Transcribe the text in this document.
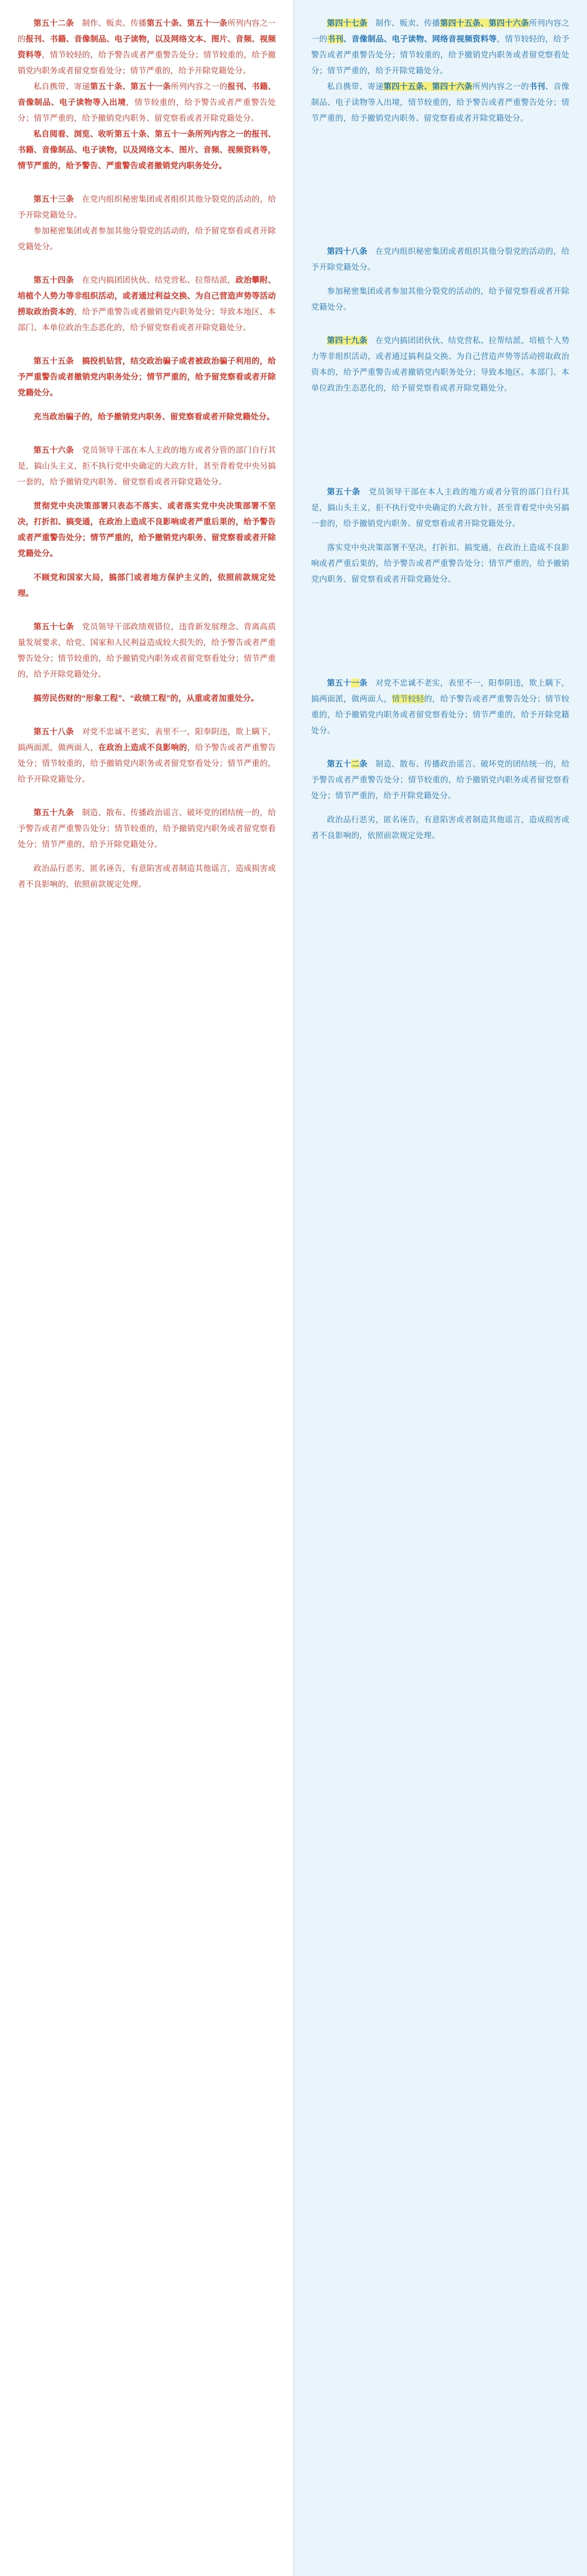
第五十二条　制作、贩卖、传播第五十条、第五十一条所列内容之一的报刊、书籍、音像制品、电子读物，以及网络文本、图片、音频、视频资料等，情节较轻的，给予警告或者严重警告处分；情节较重的，给予撤销党内职务或者留党察看处分；情节严重的，给予开除党籍处分。

私自携带、寄递第五十条、第五十一条所列内容之一的报刊、书籍、音像制品、电子读物等入出境，情节较重的，给予警告或者严重警告处分；情节严重的，给予撤销党内职务、留党察看或者开除党籍处分。

私自阅看、浏览、收听第五十条、第五十一条所列内容之一的报刊、书籍、音像制品、电子读物，以及网络文本、图片、音频、视频资料等，情节严重的，给予警告、严重警告或者撤销党内职务处分。

第五十三条　在党内组织秘密集团或者组织其他分裂党的活动的，给予开除党籍处分。

参加秘密集团或者参加其他分裂党的活动的，给予留党察看或者开除党籍处分。

第五十四条　在党内搞团团伙伙、结党营私、拉帮结派，政治攀附、培植个人势力等非组织活动，或者通过利益交换、为自己营造声势等活动捞取政治资本的，给予严重警告或者撤销党内职务处分；导致本地区、本部门、本单位政治生态恶化的，给予留党察看或者开除党籍处分。

第五十五条　搞投机钻营，结交政治骗子或者被政治骗子利用的，给予严重警告或者撤销党内职务处分；情节严重的，给予留党察看或者开除党籍处分。

充当政治骗子的，给予撤销党内职务、留党察看或者开除党籍处分。

第五十六条　党员领导干部在本人主政的地方或者分管的部门自行其是，搞山头主义，拒不执行党中央确定的大政方针，甚至背着党中央另搞一套的，给予撤销党内职务、留党察看或者开除党籍处分。

贯彻党中央决策部署只表态不落实、或者落实党中央决策部署不坚决，打折扣、搞变通，在政治上造成不良影响或者严重后果的，给予警告或者严重警告处分；情节严重的，给予撤销党内职务、留党察看或者开除党籍处分。

不顾党和国家大局，搞部门或者地方保护主义的，依照前款规定处理。

第五十七条　党员领导干部政绩观错位，违背新发展理念、背离高质量发展要求，给党、国家和人民利益造成较大损失的，给予警告或者严重警告处分；情节较重的，给予撤销党内职务或者留党察看处分；情节严重的，给予开除党籍处分。

搞劳民伤财的“形象工程”、“政绩工程”的，从重或者加重处分。

第五十八条　对党不忠诚不老实，表里不一，阳奉阴违，欺上瞒下，搞两面派，做两面人，在政治上造成不良影响的，给予警告或者严重警告处分；情节较重的，给予撤销党内职务或者留党察看处分；情节严重的，给予开除党籍处分。

第五十九条　制造、散布、传播政治谣言、破坏党的团结统一的，给予警告或者严重警告处分；情节较重的，给予撤销党内职务或者留党察看处分；情节严重的，给予开除党籍处分。

政治品行恶劣，匿名诬告，有意陷害或者制造其他谣言，造成损害或者不良影响的，依照前款规定处理。

第四十七条　制作、贩卖、传播第四十五条、第四十六条所列内容之一的书刊、音像制品、电子读物、网络音视频资料等，情节较轻的，给予警告或者严重警告处分；情节较重的，给予撤销党内职务或者留党察看处分；情节严重的，给予开除党籍处分。

私自携带、寄递第四十五条、第四十六条所列内容之一的书刊、音像制品、电子读物等入出境，情节较重的，给予警告或者严重警告处分；情节严重的，给予撤销党内职务、留党察看或者开除党籍处分。

第四十八条　在党内组织秘密集团或者组织其他分裂党的活动的，给予开除党籍处分。

参加秘密集团或者参加其他分裂党的活动的，给予留党察看或者开除党籍处分。

第四十九条　在党内搞团团伙伙、结党营私、拉帮结派、培植个人势力等非组织活动，或者通过搞利益交换、为自己营造声势等活动捞取政治资本的，给予严重警告或者撤销党内职务处分；导致本地区、本部门、本单位政治生态恶化的，给予留党察看或者开除党籍处分。

第五十条　党员领导干部在本人主政的地方或者分管的部门自行其是，搞山头主义，拒不执行党中央确定的大政方针，甚至背着党中央另搞一套的，给予撤销党内职务、留党察看或者开除党籍处分。

落实党中央决策部署不坚决，打折扣、搞变通，在政治上造成不良影响或者严重后果的，给予警告或者严重警告处分；情节严重的，给予撤销党内职务、留党察看或者开除党籍处分。

第五十一条　对党不忠诚不老实，表里不一，阳奉阴违，欺上瞒下，搞两面派，做两面人，情节较轻的，给予警告或者严重警告处分；情节较重的，给予撤销党内职务或者留党察看处分；情节严重的，给予开除党籍处分。

第五十二条　制造、散布、传播政治谣言、破坏党的团结统一的，给予警告或者严重警告处分；情节较重的，给予撤销党内职务或者留党察看处分；情节严重的，给予开除党籍处分。

政治品行恶劣，匿名诬告，有意陷害或者制造其他谣言，造成损害或者不良影响的，依照前款规定处理。
